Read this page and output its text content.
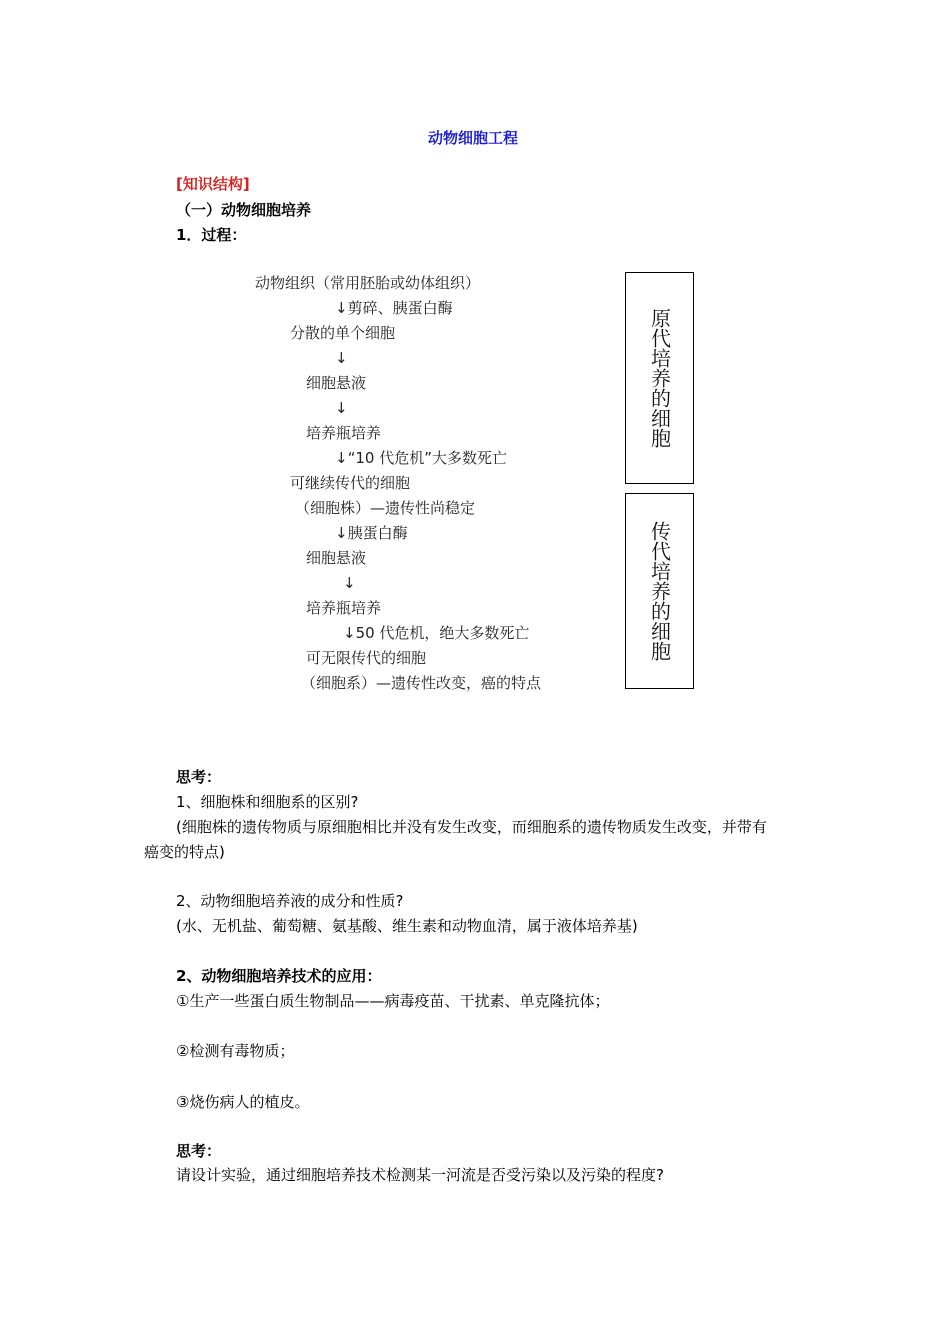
动物细胞工程
[知识结构]
（一）动物细胞培养
1．过程：
动物组织（常用胚胎或幼体组织）
↓剪碎、胰蛋白酶
分散的单个细胞
↓
细胞悬液
↓
培养瓶培养
↓“10 代危机”大多数死亡
可继续传代的细胞
（细胞株）—遗传性尚稳定
↓胰蛋白酶
细胞悬液
↓
培养瓶培养
↓50 代危机，绝大多数死亡
可无限传代的细胞
（细胞系）—遗传性改变，癌的特点
原代培养的细胞
传代培养的细胞
思考：
1、细胞株和细胞系的区别?
(细胞株的遗传物质与原细胞相比并没有发生改变，而细胞系的遗传物质发生改变，并带有
癌变的特点)
2、动物细胞培养液的成分和性质?
(水、无机盐、葡萄糖、氨基酸、维生素和动物血清，属于液体培养基)
2、动物细胞培养技术的应用：
①生产一些蛋白质生物制品——病毒疫苗、干扰素、单克隆抗体；
②检测有毒物质；
③烧伤病人的植皮。
思考：
请设计实验，通过细胞培养技术检测某一河流是否受污染以及污染的程度?
